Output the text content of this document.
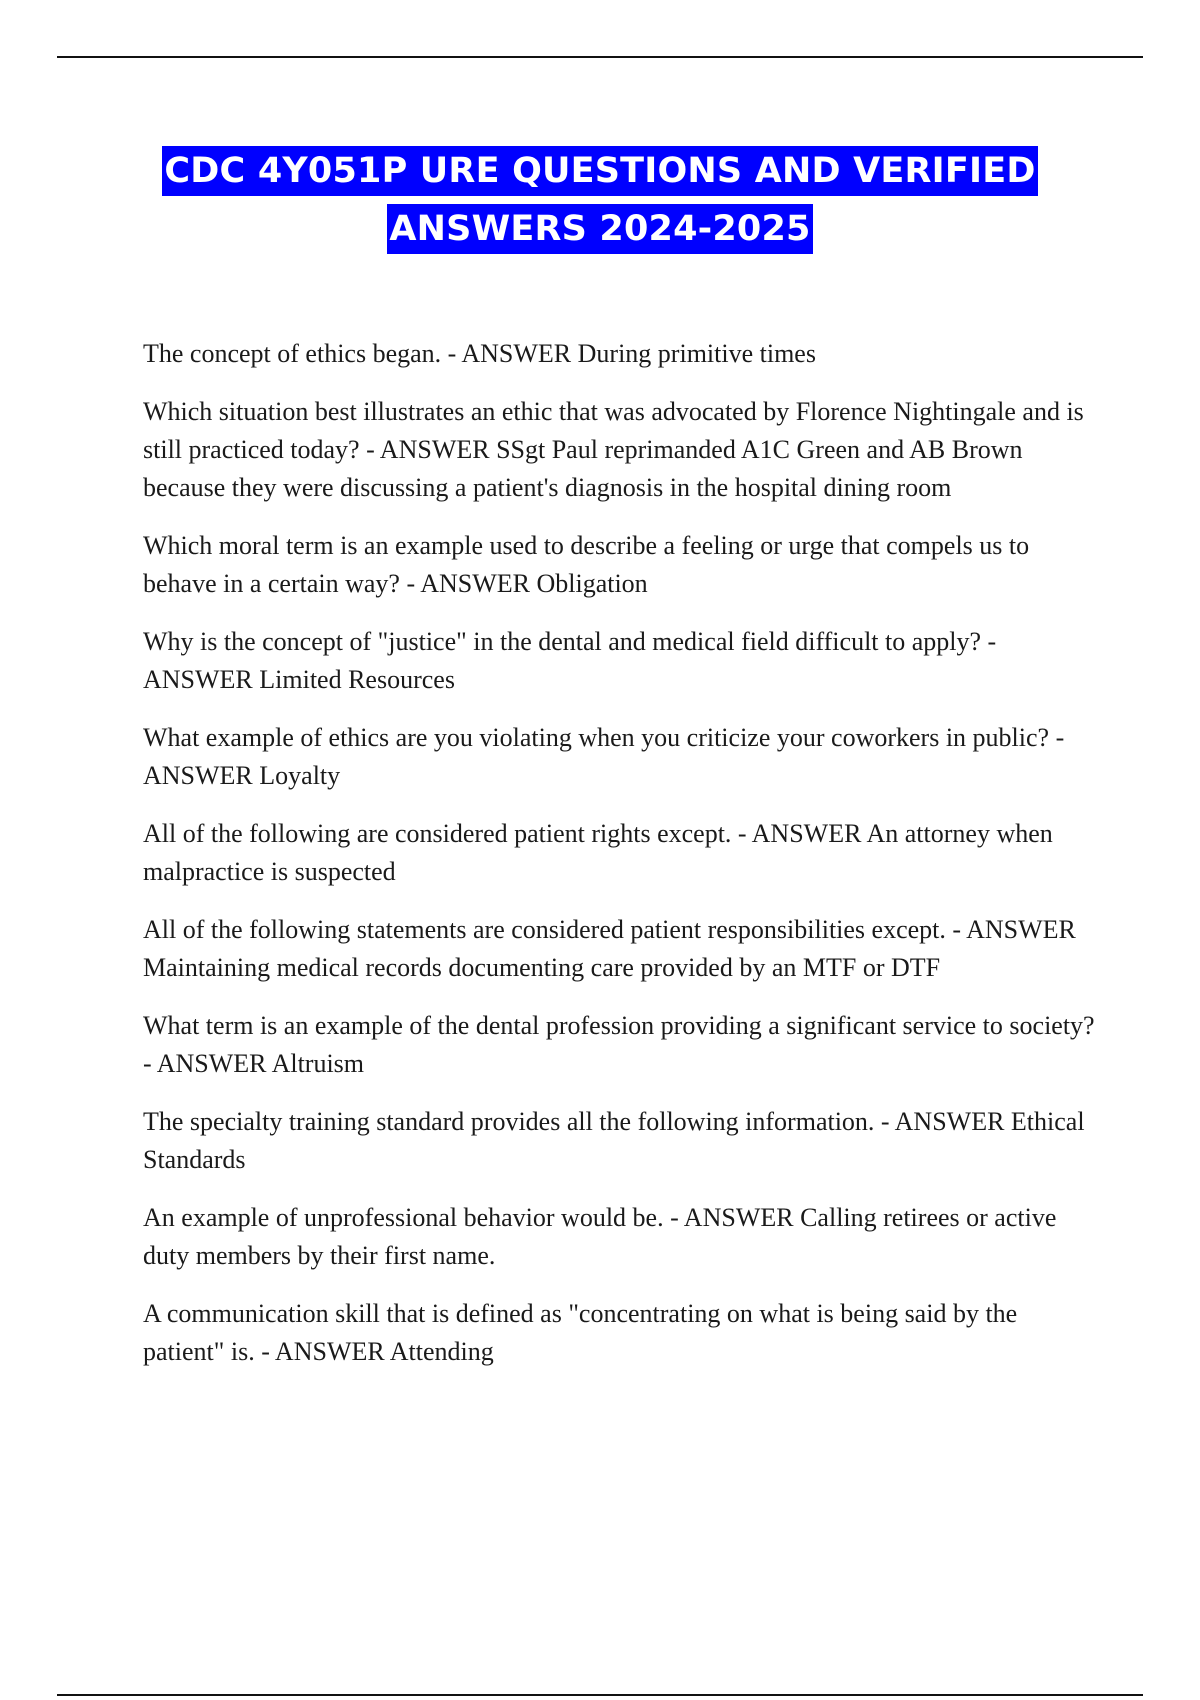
CDC 4Y051P URE QUESTIONS AND VERIFIED
ANSWERS 2024-2025
The concept of ethics began. - ANSWER During primitive times
Which situation best illustrates an ethic that was advocated by Florence Nightingale and is still practiced today? - ANSWER SSgt Paul reprimanded A1C Green and AB Brown because they were discussing a patient's diagnosis in the hospital dining room
Which moral term is an example used to describe a feeling or urge that compels us to behave in a certain way? - ANSWER Obligation
Why is the concept of "justice" in the dental and medical field difficult to apply? - ANSWER Limited Resources
What example of ethics are you violating when you criticize your coworkers in public? - ANSWER Loyalty
All of the following are considered patient rights except. - ANSWER An attorney when malpractice is suspected
All of the following statements are considered patient responsibilities except. - ANSWER Maintaining medical records documenting care provided by an MTF or DTF
What term is an example of the dental profession providing a significant service to society? - ANSWER Altruism
The specialty training standard provides all the following information. - ANSWER Ethical Standards
An example of unprofessional behavior would be. - ANSWER Calling retirees or active duty members by their first name.
A communication skill that is defined as "concentrating on what is being said by the patient" is. - ANSWER Attending
